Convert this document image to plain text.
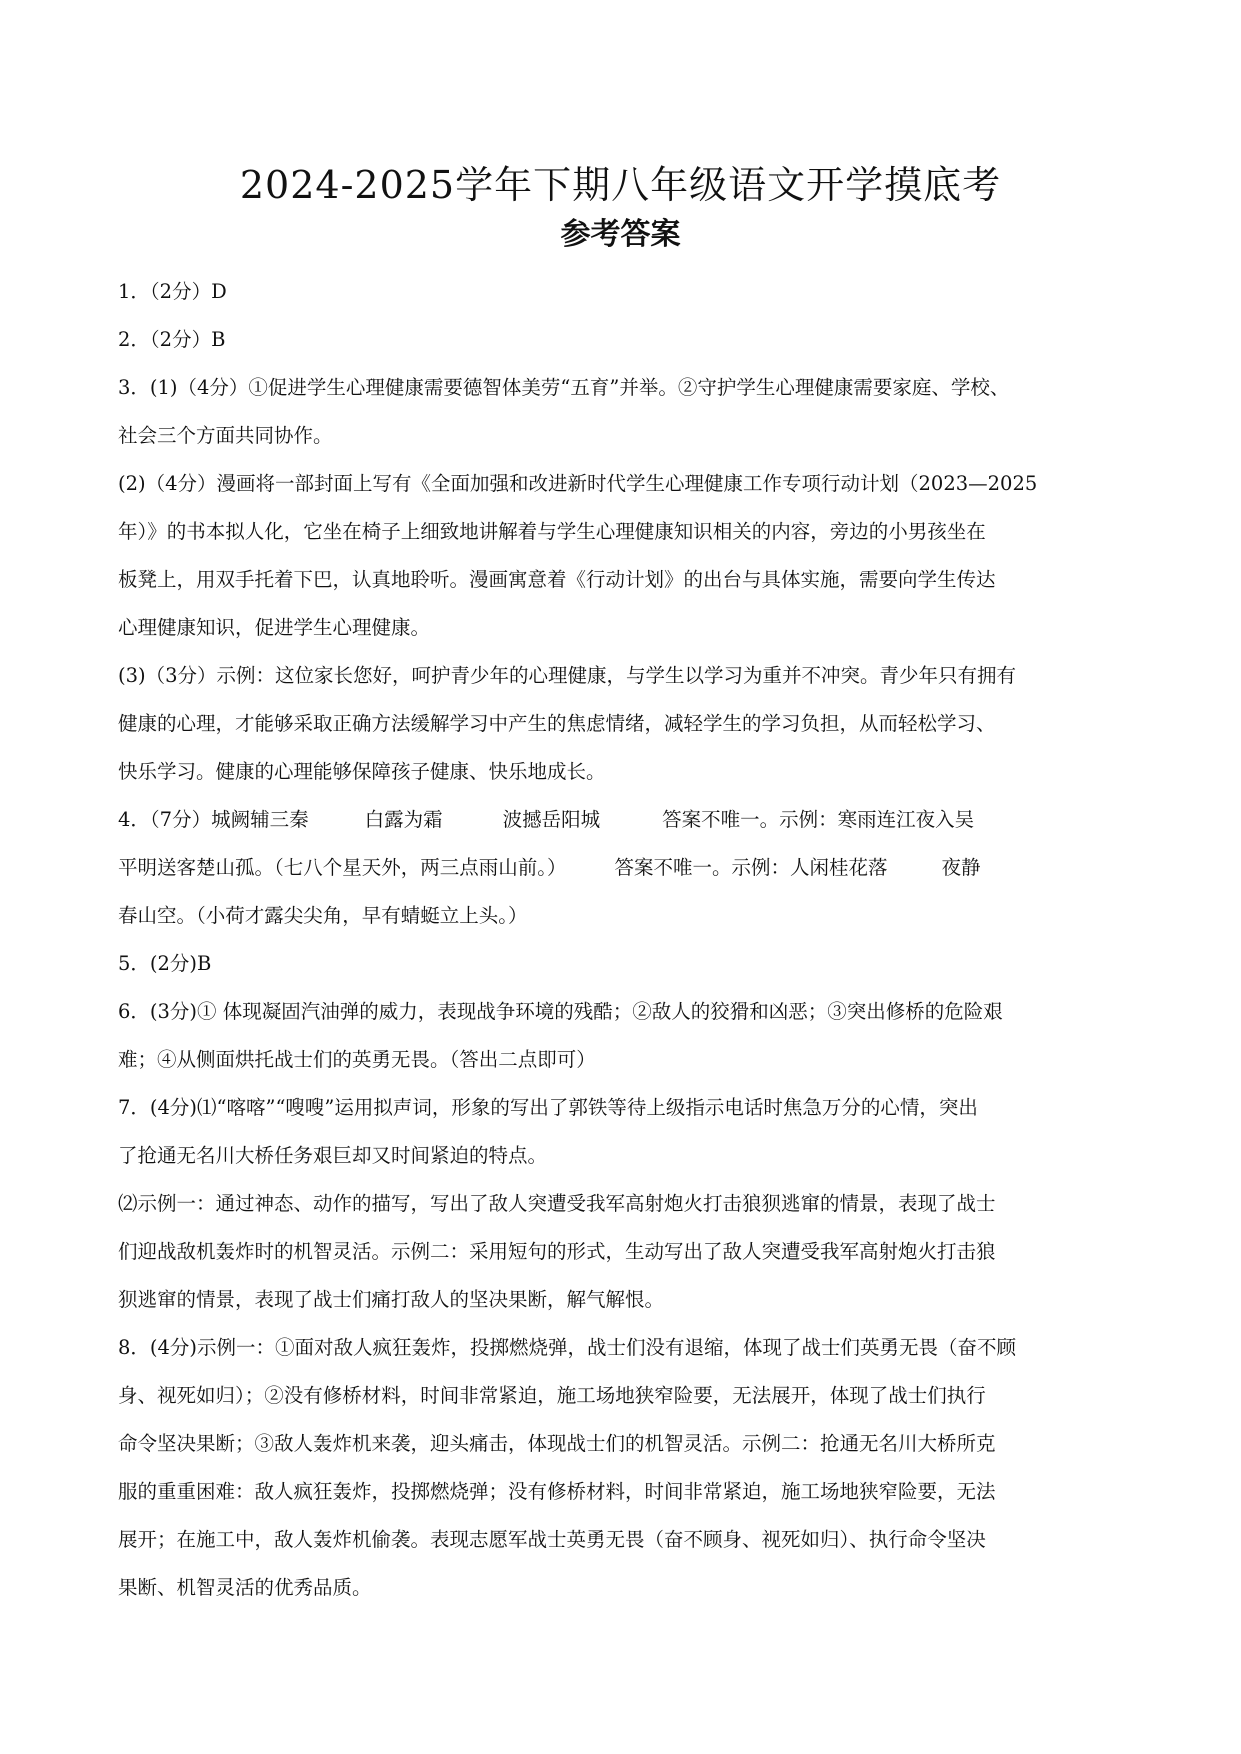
2024-2025学年下期八年级语文开学摸底考
参考答案
1．（2分）D
2．（2分）B
3．(1)（4分）①促进学生心理健康需要德智体美劳“五育”并举。②守护学生心理健康需要家庭、学校、
社会三个方面共同协作。
(2)（4分）漫画将一部封面上写有《全面加强和改进新时代学生心理健康工作专项行动计划（2023—2025
年）》的书本拟人化，它坐在椅子上细致地讲解着与学生心理健康知识相关的内容，旁边的小男孩坐在
板凳上，用双手托着下巴，认真地聆听。漫画寓意着《行动计划》的出台与具体实施，需要向学生传达
心理健康知识，促进学生心理健康。
(3)（3分）示例：这位家长您好，呵护青少年的心理健康，与学生以学习为重并不冲突。青少年只有拥有
健康的心理，才能够采取正确方法缓解学习中产生的焦虑情绪，减轻学生的学习负担，从而轻松学习、
快乐学习。健康的心理能够保障孩子健康、快乐地成长。
4．（7分）城阙辅三秦	白露为霜	波撼岳阳城	答案不唯一。示例：寒雨连江夜入吴
平明送客楚山孤。（七八个星天外，两三点雨山前。） 答案不唯一。示例：人闲桂花落	夜静
春山空。（小荷才露尖尖角，早有蜻蜓立上头。）
5．(2分)B
6．(3分)① 体现凝固汽油弹的威力，表现战争环境的残酷；②敌人的狡猾和凶恶；③突出修桥的危险艰
难；④从侧面烘托战士们的英勇无畏。（答出二点即可）
7．(4分)⑴“喀喀”“嗖嗖”运用拟声词，形象的写出了郭铁等待上级指示电话时焦急万分的心情，突出
了抢通无名川大桥任务艰巨却又时间紧迫的特点。
⑵示例一：通过神态、动作的描写，写出了敌人突遭受我军高射炮火打击狼狈逃窜的情景，表现了战士
们迎战敌机轰炸时的机智灵活。示例二：采用短句的形式，生动写出了敌人突遭受我军高射炮火打击狼
狈逃窜的情景，表现了战士们痛打敌人的坚决果断，解气解恨。
8．(4分)示例一：①面对敌人疯狂轰炸，投掷燃烧弹，战士们没有退缩，体现了战士们英勇无畏（奋不顾
身、视死如归）；②没有修桥材料，时间非常紧迫，施工场地狭窄险要，无法展开，体现了战士们执行
命令坚决果断；③敌人轰炸机来袭，迎头痛击，体现战士们的机智灵活。示例二：抢通无名川大桥所克
服的重重困难：敌人疯狂轰炸，投掷燃烧弹；没有修桥材料，时间非常紧迫，施工场地狭窄险要，无法
展开；在施工中，敌人轰炸机偷袭。表现志愿军战士英勇无畏（奋不顾身、视死如归）、执行命令坚决
果断、机智灵活的优秀品质。
